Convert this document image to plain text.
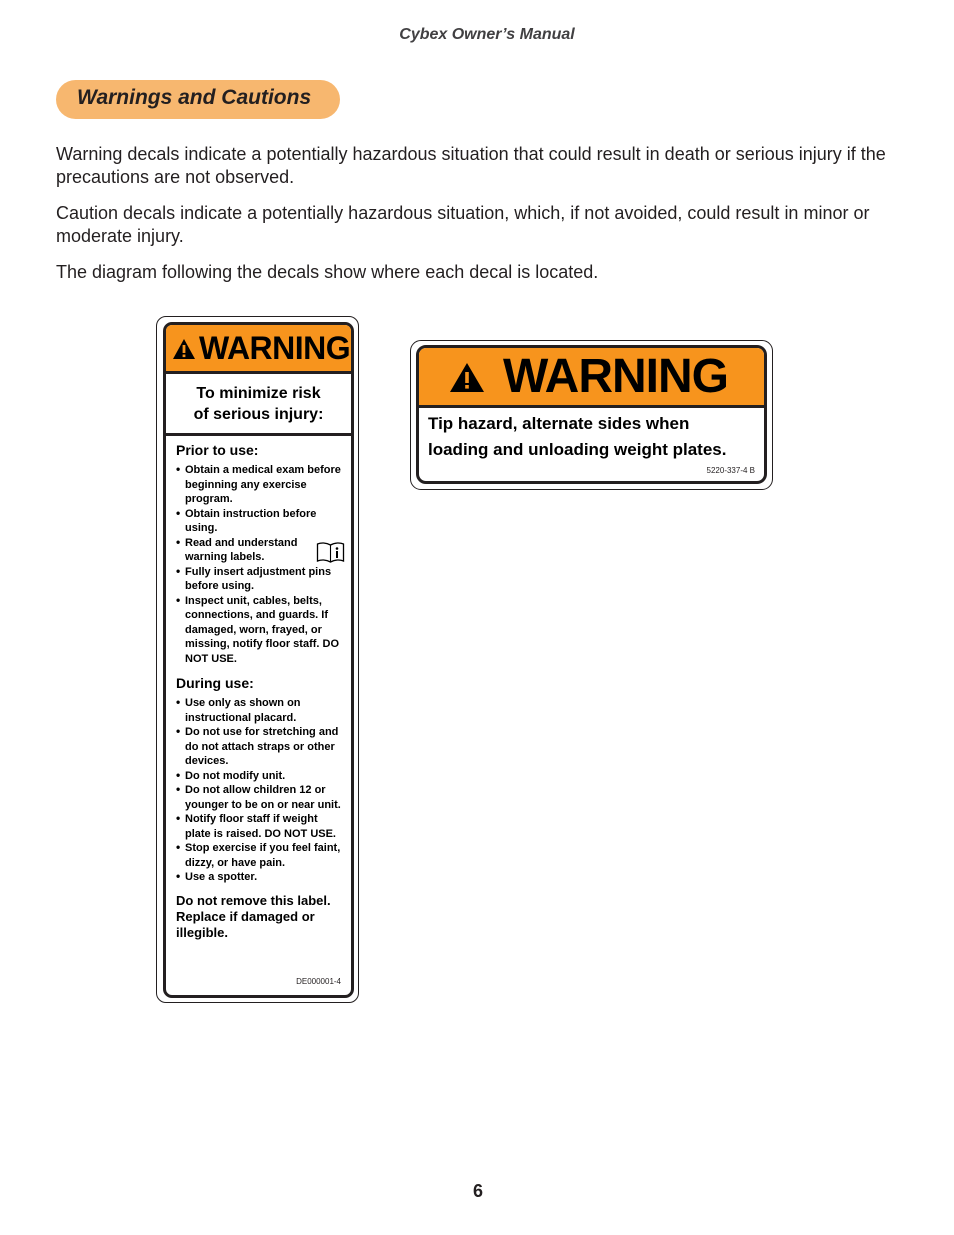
Cybex Owner’s Manual
Warnings and Cautions

Warning decals indicate a potentially hazardous situation that could result in death or serious injury if the precautions are not observed.

Caution decals indicate a potentially hazardous situation, which, if not avoided, could result in minor or moderate injury.

The diagram following the decals show where each decal is located.

WARNING
To minimize risk
of serious injury:
Prior to use:
• Obtain a medical exam before beginning any exercise program.
• Obtain instruction before using.
• Read and understand warning labels.
• Fully insert adjustment pins before using.
• Inspect unit, cables, belts, connections, and guards. If damaged, worn, frayed, or missing, notify floor staff. DO NOT USE.
During use:
• Use only as shown on instructional placard.
• Do not use for stretching and do not attach straps or other devices.
• Do not modify unit.
• Do not allow children 12 or younger to be on or near unit.
• Notify floor staff if weight plate is raised. DO NOT USE.
• Stop exercise if you feel faint, dizzy, or have pain.
• Use a spotter.
Do not remove this label. Replace if damaged or illegible.
DE000001-4
WARNING
Tip hazard, alternate sides when
loading and unloading weight plates.
5220-337-4 B
6
